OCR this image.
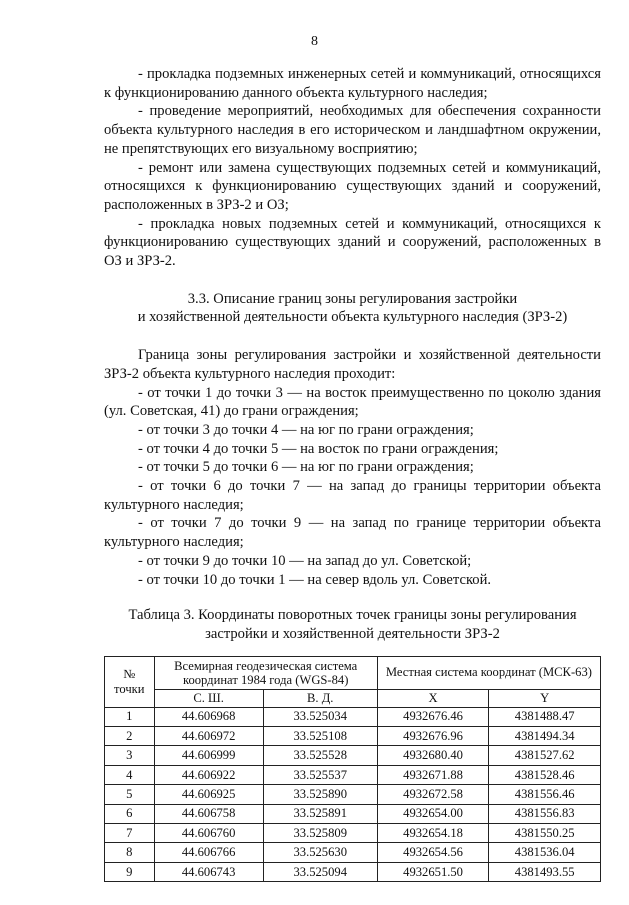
8

- прокладка подземных инженерных сетей и коммуникаций, относящихся к функционированию данного объекта культурного наследия;

- проведение мероприятий, необходимых для обеспечения сохранности объекта культурного наследия в его историческом и ландшафтном окружении, не препятствующих его визуальному восприятию;

- ремонт или замена существующих подземных сетей и коммуникаций, относящихся к функционированию существующих зданий и сооружений, расположенных в ЗРЗ-2 и ОЗ;

- прокладка новых подземных сетей и коммуникаций, относящихся к функционированию существующих зданий и сооружений, расположенных в ОЗ и ЗРЗ-2.

3.3. Описание границ зоны регулирования застройки

и хозяйственной деятельности объекта культурного наследия (ЗРЗ-2)

Граница зоны регулирования застройки и хозяйственной деятельности ЗРЗ-2 объекта культурного наследия проходит:

- от точки 1 до точки 3 — на восток преимущественно по цоколю здания (ул. Советская, 41) до грани ограждения;

- от точки 3 до точки 4 — на юг по грани ограждения;

- от точки 4 до точки 5 — на восток по грани ограждения;

- от точки 5 до точки 6 — на юг по грани ограждения;

- от точки 6 до точки 7 — на запад до границы территории объекта культурного наследия;

- от точки 7 до точки 9 — на запад по границе территории объекта культурного наследия;

- от точки 9 до точки 10 — на запад до ул. Советской;

- от точки 10 до точки 1 — на север вдоль ул. Советской.

Таблица 3. Координаты поворотных точек границы зоны регулирования

застройки и хозяйственной деятельности ЗРЗ-2

№
точки	Всемирная геодезическая система
координат 1984 года (WGS-84)		Местная система координат (МСК-63)	
	С. Ш.	В. Д.	X	Y
1	44.606968	33.525034	4932676.46	4381488.47
2	44.606972	33.525108	4932676.96	4381494.34
3	44.606999	33.525528	4932680.40	4381527.62
4	44.606922	33.525537	4932671.88	4381528.46
5	44.606925	33.525890	4932672.58	4381556.46
6	44.606758	33.525891	4932654.00	4381556.83
7	44.606760	33.525809	4932654.18	4381550.25
8	44.606766	33.525630	4932654.56	4381536.04
9	44.606743	33.525094	4932651.50	4381493.55
